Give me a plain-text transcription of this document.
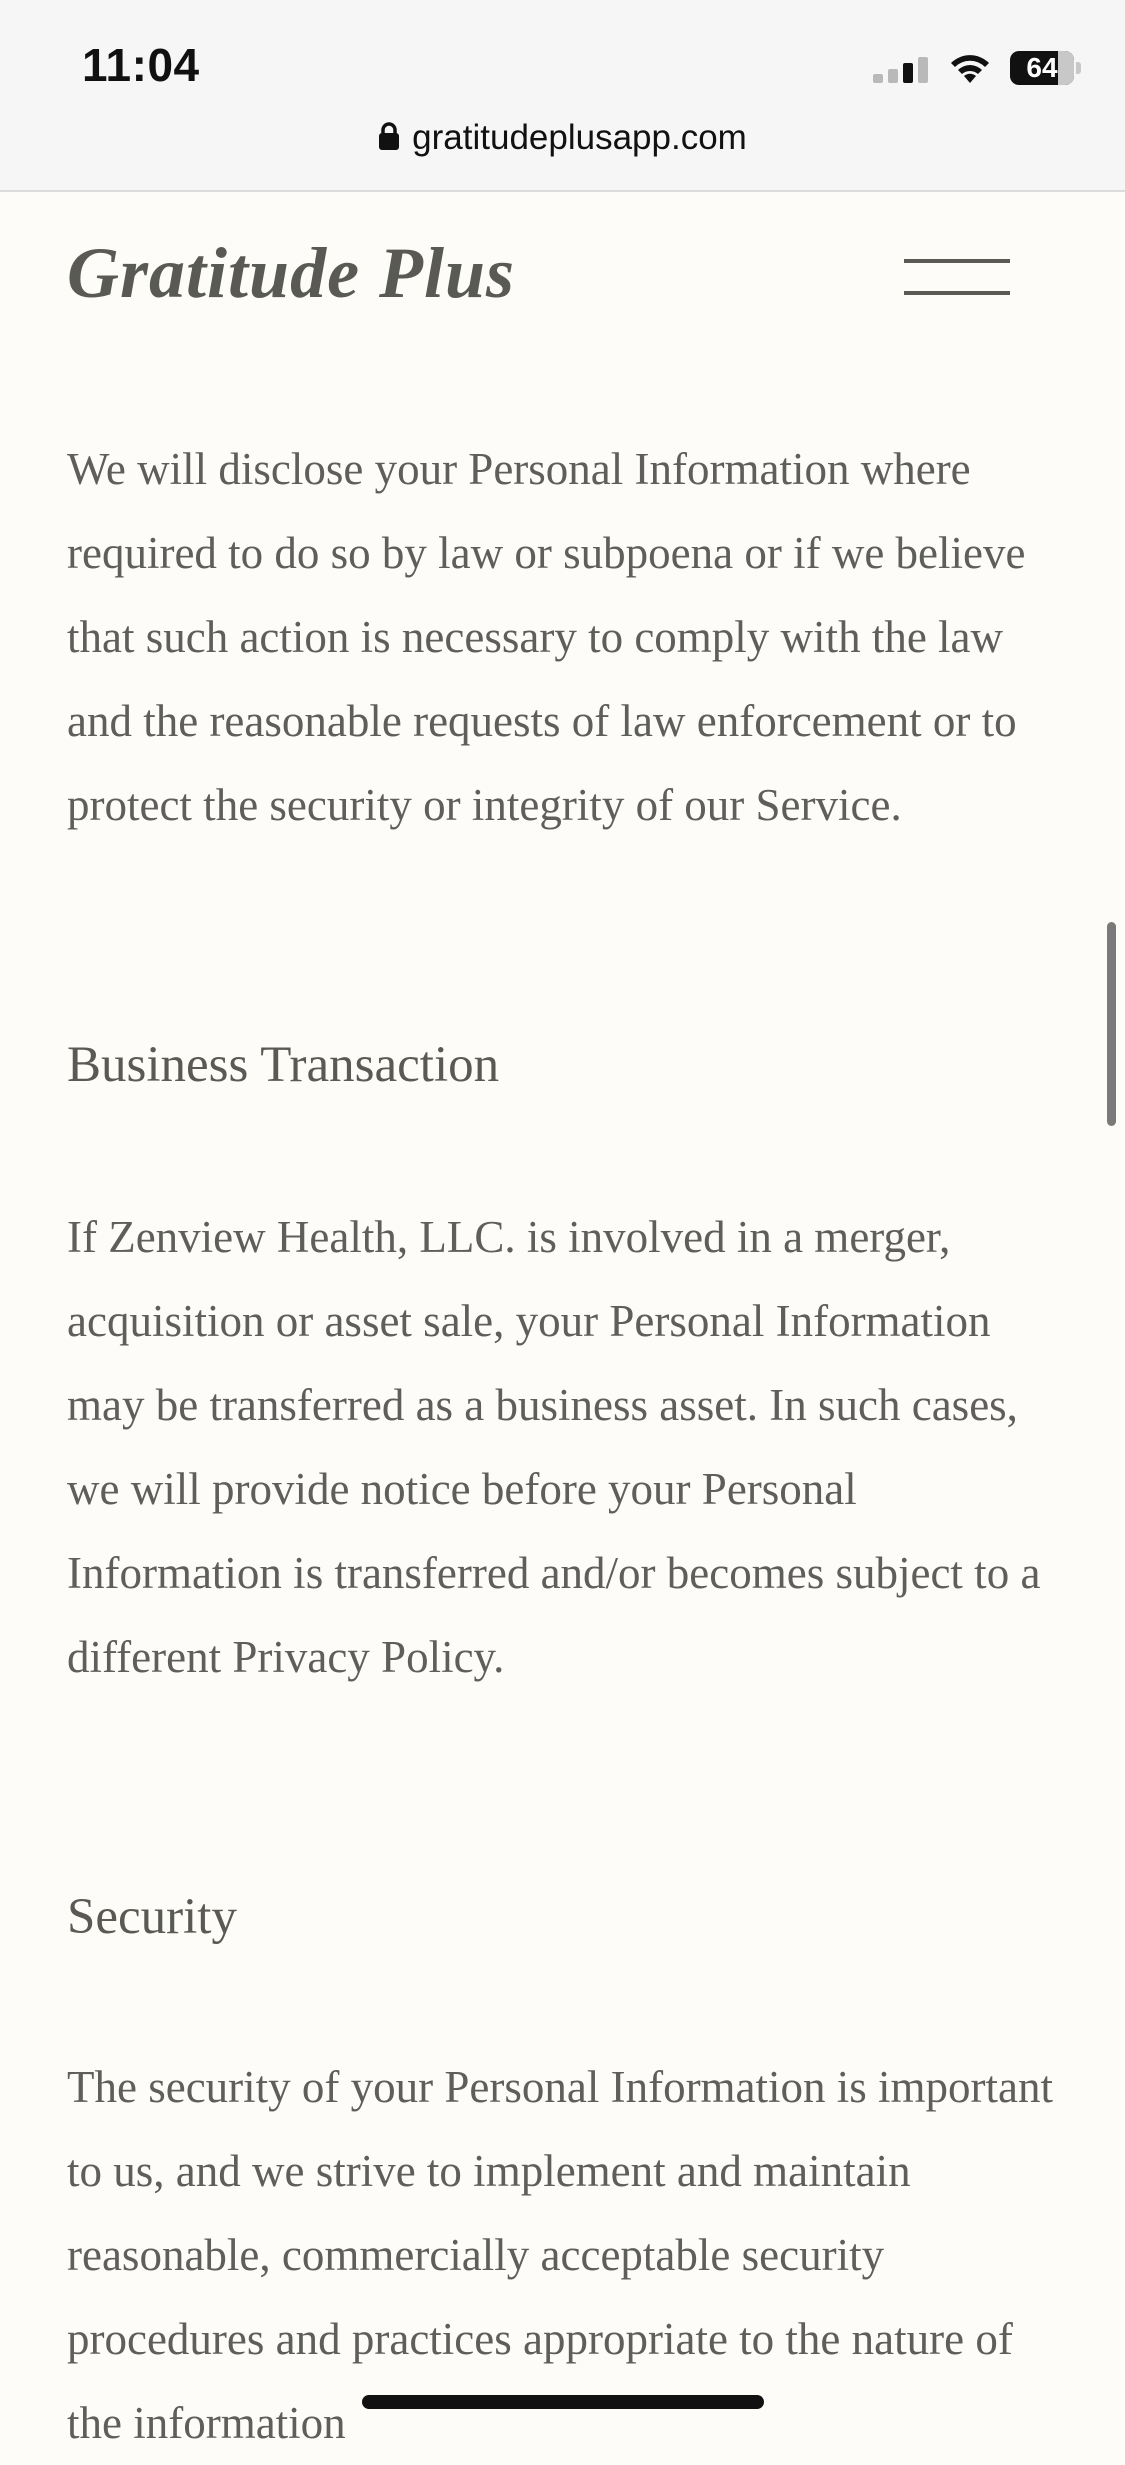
11:04	64
gratitudeplusapp.com
Gratitude Plus

We will disclose your Personal Information where required to do so by law or subpoena or if we believe that such action is necessary to comply with the law and the reasonable requests of law enforcement or to protect the security or integrity of our Service.

Business Transaction

If Zenview Health, LLC. is involved in a merger, acquisition or asset sale, your Personal Information may be transferred as a business asset. In such cases, we will provide notice before your Personal Information is transferred and/or becomes subject to a different Privacy Policy.

Security

The security of your Personal Information is important to us, and we strive to implement and maintain reasonable, commercially acceptable security procedures and practices appropriate to the nature of the information
